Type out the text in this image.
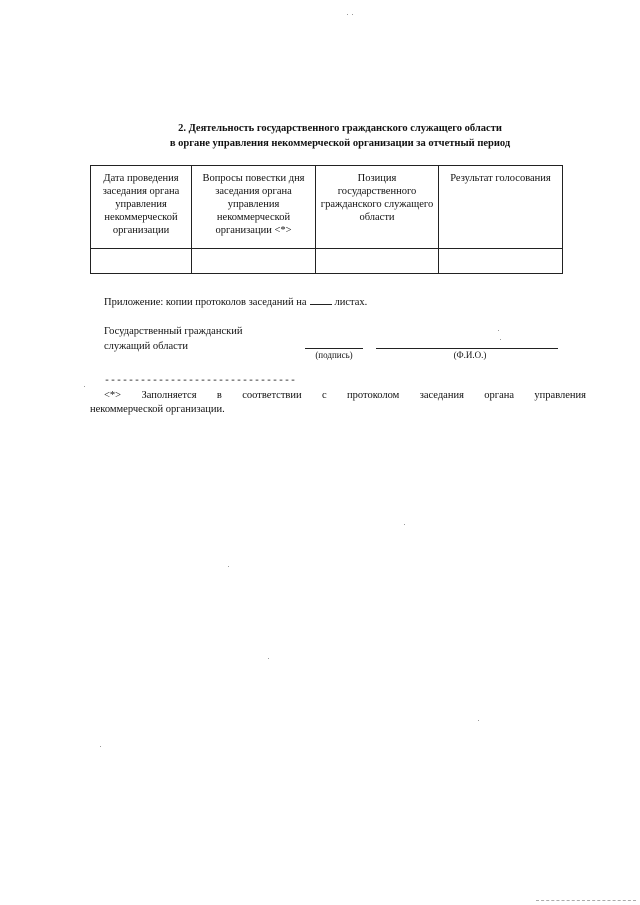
2. Деятельность государственного гражданского служащего области
в органе управления некоммерческой организации за отчетный период
Дата проведения заседания органа управления некоммерческой организации	Вопросы повестки дня заседания органа управления некоммерческой организации <*>	Позиция государственного гражданского служащего области	Результат голосования

Приложение: копии протоколов заседаний на	листах.
Государственный гражданский
служащий области
(подпись)	(Ф.И.О.)
--------------------------------
<*> Заполняется в соответствии с протоколом заседания органа управления
некоммерческой организации.
